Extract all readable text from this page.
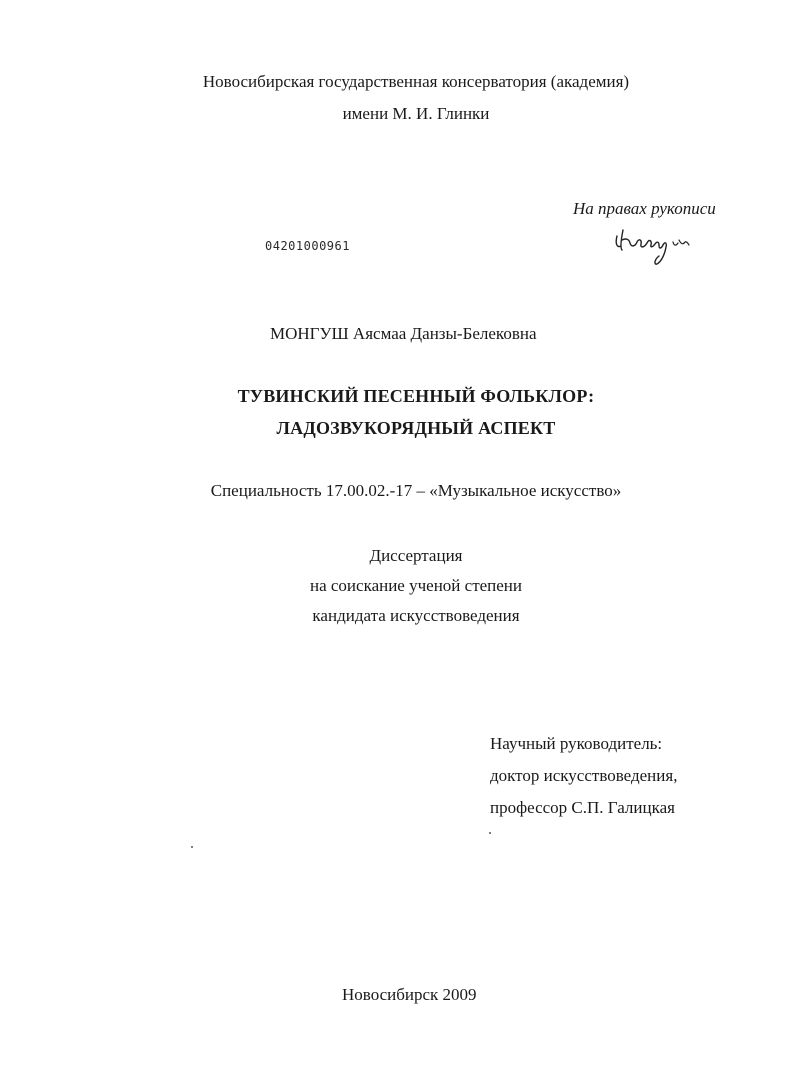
Новосибирская государственная консерватория (академия)
имени М. И. Глинки
На правах рукописи
04201000961
МОНГУШ Аясмаа Данзы-Белековна
ТУВИНСКИЙ ПЕСЕННЫЙ ФОЛЬКЛОР:
ЛАДОЗВУКОРЯДНЫЙ АСПЕКТ
Специальность 17.00.02.-17 – «Музыкальное искусство»
Диссертация
на соискание ученой степени
кандидата искусствоведения
Научный руководитель:
доктор искусствоведения,
профессор С.П. Галицкая
Новосибирск 2009
